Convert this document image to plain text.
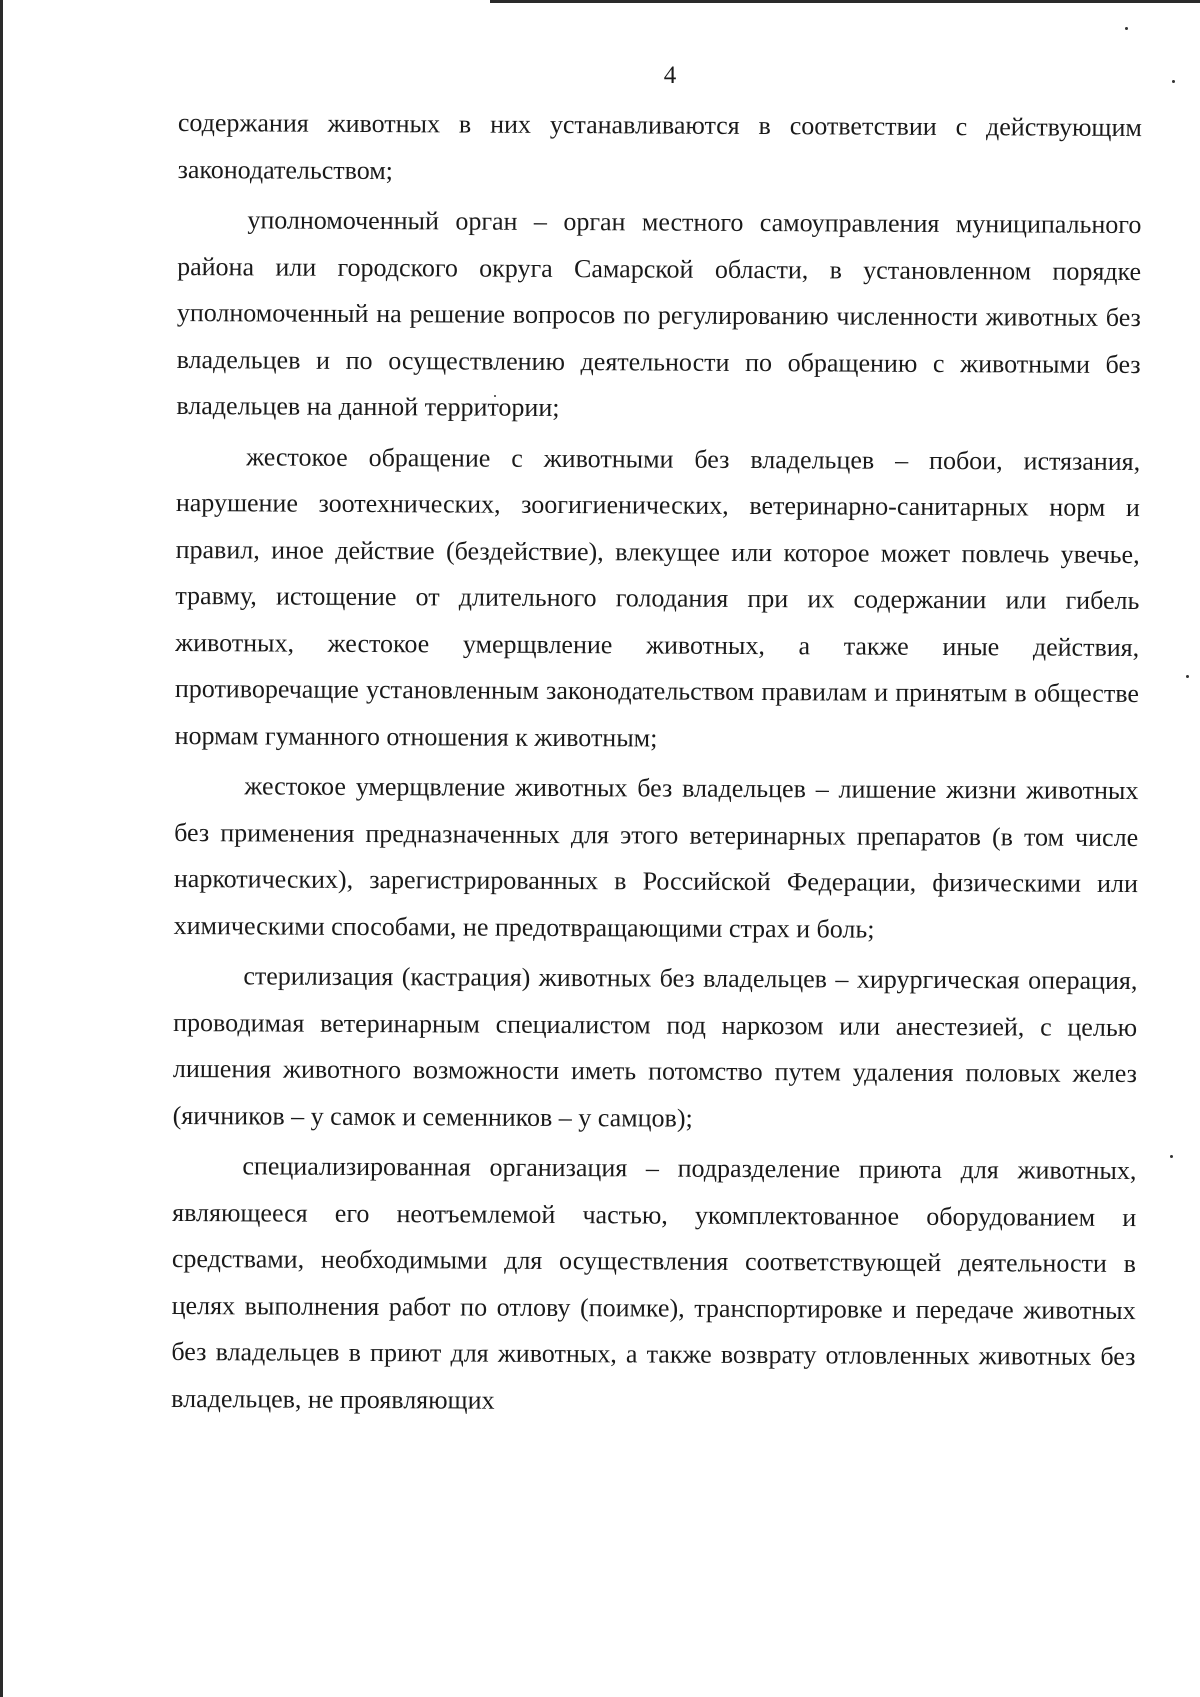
4

содержания животных в них устанавливаются в соответствии с действующим законодательством;

уполномоченный орган – орган местного самоуправления муниципального района или городского округа Самарской области, в установленном порядке уполномоченный на решение вопросов по регулированию численности животных без владельцев и по осуществлению деятельности по обращению с животными без владельцев на данной территории;

жестокое обращение с животными без владельцев – побои, истязания, нарушение зоотехнических, зоогигиенических, ветеринарно-санитарных норм и правил, иное действие (бездействие), влекущее или которое может повлечь увечье, травму, истощение от длительного голодания при их содержании или гибель животных, жестокое умерщвление животных, а также иные действия, противоречащие установленным законодательством правилам и принятым в обществе нормам гуманного отношения к животным;

жестокое умерщвление животных без владельцев – лишение жизни животных без применения предназначенных для этого ветеринарных препаратов (в том числе наркотических), зарегистрированных в Российской Федерации, физическими или химическими способами, не предотвращающими страх и боль;

стерилизация (кастрация) животных без владельцев – хирургическая операция, проводимая ветеринарным специалистом под наркозом или анестезией, с целью лишения животного возможности иметь потомство путем удаления половых желез (яичников – у самок и семенников – у самцов);

специализированная организация – подразделение приюта для животных, являющееся его неотъемлемой частью, укомплектованное оборудованием и средствами, необходимыми для осуществления соответствующей деятельности в целях выполнения работ по отлову (поимке), транспортировке и передаче животных без владельцев в приют для животных, а также возврату отловленных животных без владельцев, не проявляющих
